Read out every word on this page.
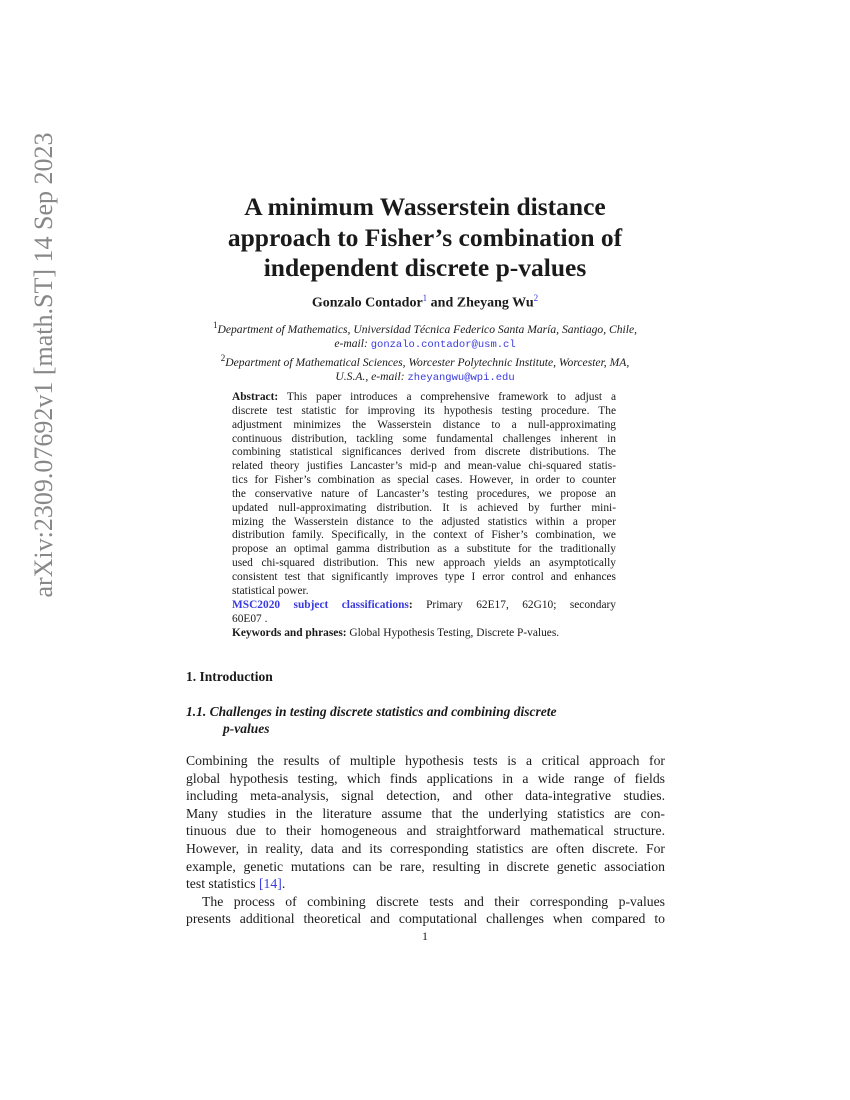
arXiv:2309.07692v1 [math.ST] 14 Sep 2023	A minimum Wasserstein distance
approach to Fisher’s combination of
independent discrete p-values
Gonzalo Contador$^1$ and Zheyang Wu$^2$
$^1$Department of Mathematics, Universidad Técnica Federico Santa María, Santiago, Chile,
e-mail: gonzalo.contador@usm.cl
$^2$Department of Mathematical Sciences, Worcester Polytechnic Institute, Worcester, MA,
U.S.A., e-mail: zheyangwu@wpi.edu
Abstract: This paper introduces a comprehensive framework to adjust a
discrete test statistic for improving its hypothesis testing procedure. The
adjustment minimizes the Wasserstein distance to a null-approximating
continuous distribution, tackling some fundamental challenges inherent in
combining statistical significances derived from discrete distributions. The
related theory justifies Lancaster’s mid-p and mean-value chi-squared statis-
tics for Fisher’s combination as special cases. However, in order to counter
the conservative nature of Lancaster’s testing procedures, we propose an
updated null-approximating distribution. It is achieved by further mini-
mizing the Wasserstein distance to the adjusted statistics within a proper
distribution family. Specifically, in the context of Fisher’s combination, we
propose an optimal gamma distribution as a substitute for the traditionally
used chi-squared distribution. This new approach yields an asymptotically
consistent test that significantly improves type I error control and enhances
statistical power.
MSC2020 subject classifications: Primary 62E17, 62G10; secondary
60E07 .
Keywords and phrases: Global Hypothesis Testing, Discrete P-values.
1. Introduction
1.1. Challenges in testing discrete statistics and combining discrete
p-values
Combining the results of multiple hypothesis tests is a critical approach for
global hypothesis testing, which finds applications in a wide range of fields
including meta-analysis, signal detection, and other data-integrative studies.
Many studies in the literature assume that the underlying statistics are con-
tinuous due to their homogeneous and straightforward mathematical structure.
However, in reality, data and its corresponding statistics are often discrete. For
example, genetic mutations can be rare, resulting in discrete genetic association
test statistics [14].
The process of combining discrete tests and their corresponding p-values
presents additional theoretical and computational challenges when compared to
1
